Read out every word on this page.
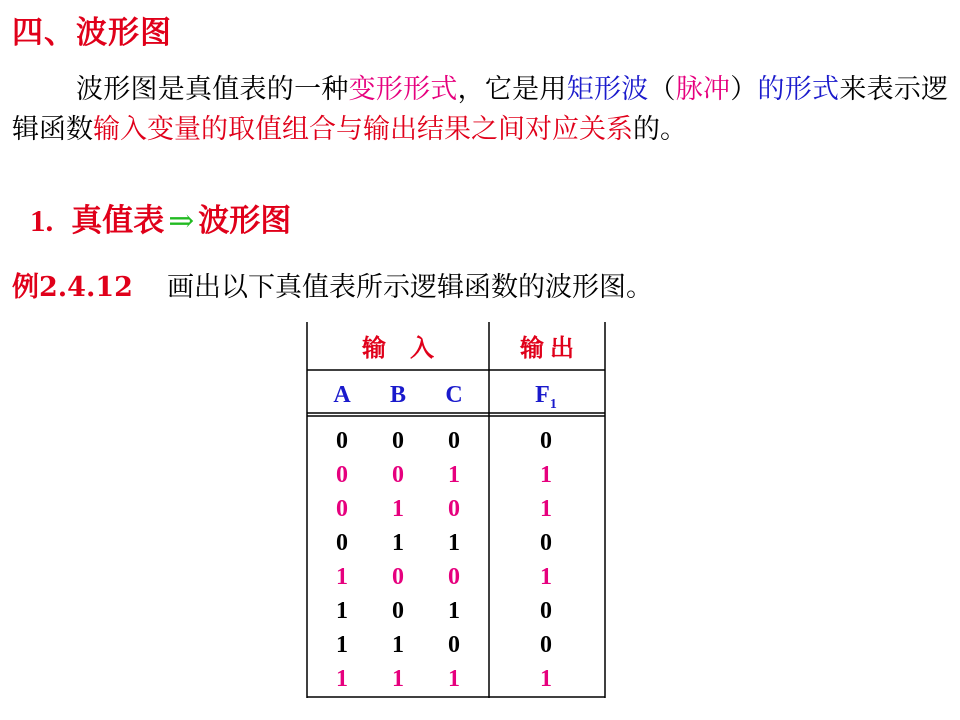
四、波形图
波形图是真值表的一种变形形式，它是用矩形波（脉冲）的形式来表示逻辑函数输入变量的取值组合与输出结果之间对应关系的。
1. 真值表 ⇒ 波形图
例2.4.12 画出以下真值表所示逻辑函数的波形图。
输　入	输 出
A B C	$F_1$
0 0 0	0
0 0 1	1
0 1 0	1
0 1 1	0
1 0 0	1
1 0 1	0
1 1 0	0
1 1 1	1
